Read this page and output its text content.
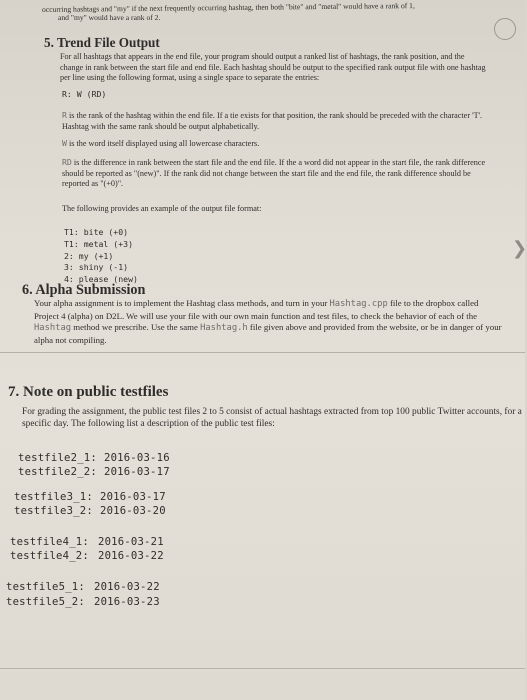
occurring hashtags and "my" if the next frequently occurring hashtag, then both "bite" and "metal" would have a rank of 1,

and "my" would have a rank of 2.

5. Trend File Output

For all hashtags that appears in the end file, your program should output a ranked list of hashtags, the rank position, and the change in rank between the start file and end file. Each hashtag should be output to the specified rank output file with one hashtag per line using the following format, using a single space to separate the entries:

R: W (RD)

R is the rank of the hashtag within the end file. If a tie exists for that position, the rank should be preceded with the character 'T'. Hashtag with the same rank should be output alphabetically.

W is the word itself displayed using all lowercase characters.

RD is the difference in rank between the start file and the end file. If the a word did not appear in the start file, the rank difference should be reported as "(new)". If the rank did not change between the start file and the end file, the rank difference should be reported as "(+0)".

The following provides an example of the output file format:

T1: bite (+0)
T1: metal (+3)
2: my (+1)
3: shiny (-1)
4: please (new)
❯
6. Alpha Submission

Your alpha assignment is to implement the Hashtag class methods, and turn in your Hashtag.cpp file to the dropbox called Project 4 (alpha) on D2L. We will use your file with our own main function and test files, to check the behavior of each of the Hashtag method we prescribe. Use the same Hashtag.h file given above and provided from the website, or be in danger of your alpha not compiling.

7. Note on public testfiles

For grading the assignment, the public test files 2 to 5 consist of actual hashtags extracted from top 100 public Twitter accounts, for a specific day. The following list a description of the public test files:

testfile2_1: 2016-03-16
testfile2_2: 2016-03-17
testfile3_1: 2016-03-17
testfile3_2: 2016-03-20
testfile4_1: 2016-03-21
testfile4_2: 2016-03-22
testfile5_1: 2016-03-22
testfile5_2: 2016-03-23
